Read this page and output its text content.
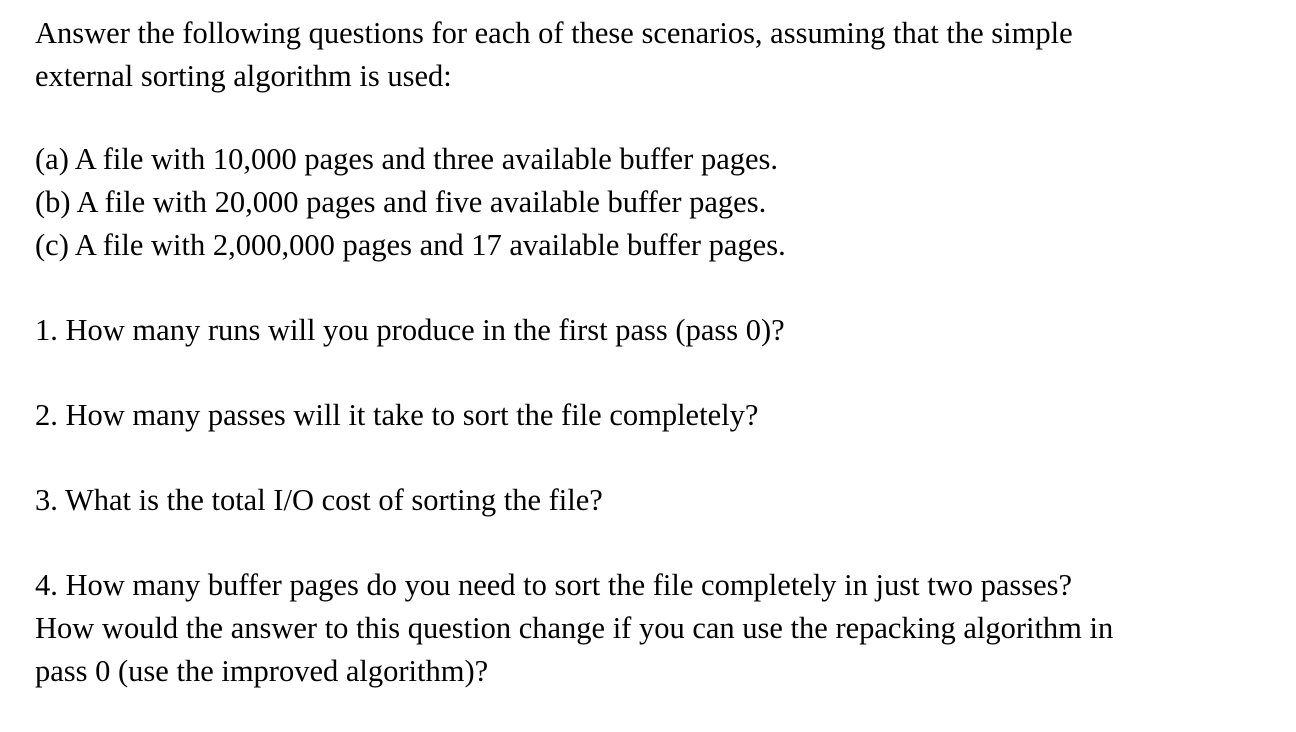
Answer the following questions for each of these scenarios, assuming that the simple
external sorting algorithm is used:

(a) A file with 10,000 pages and three available buffer pages.
(b) A file with 20,000 pages and five available buffer pages.
(c) A file with 2,000,000 pages and 17 available buffer pages.

1. How many runs will you produce in the first pass (pass 0)?

2. How many passes will it take to sort the file completely?

3. What is the total I/O cost of sorting the file?

4. How many buffer pages do you need to sort the file completely in just two passes?
How would the answer to this question change if you can use the repacking algorithm in
pass 0 (use the improved algorithm)?
